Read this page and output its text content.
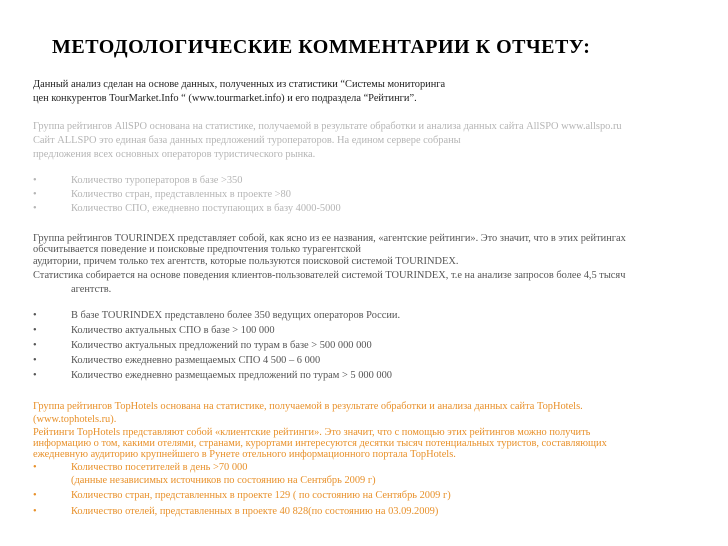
МЕТОДОЛОГИЧЕСКИЕ КОММЕНТАРИИ К ОТЧЕТУ:
Данный анализ сделан на основе данных, полученных из статистики “Системы мониторинга
цен конкурентов TourMarket.Info “ (www.tourmarket.info) и его подраздела “Рейтинги”.
Группа рейтингов AllSPO основана на статистике, получаемой в результате обработки и анализа данных сайта AllSPO www.allspo.ru
Сайт ALLSPO это единая база данных предложений туроператоров. На едином сервере собраны
предложения всех основных операторов туристического рынка.
•	Количество туроператоров в базе >350
•	Количество стран, представленных в проекте >80
•	Количество СПО, ежедневно поступающих в базу 4000-5000
Группа рейтингов TOURINDEX представляет собой, как ясно из ее названия, «агентские рейтинги». Это значит, что в этих рейтингах
обсчитывается поведение и поисковые предпочтения только турагентской
аудитории, причем только тех агентств, которые пользуются поисковой системой TOURINDEX.
Статистика собирается на основе поведения клиентов-пользователей системой TOURINDEX, т.е на анализе запросов более 4,5 тысяч
агентств.
•	В базе TOURINDEX представлено более 350 ведущих операторов России.
•	Количество актуальных СПО в базе > 100 000
•	Количество актуальных предложений по турам в базе > 500 000 000
•	Количество ежедневно размещаемых СПО 4 500 – 6 000
•	Количество ежедневно размещаемых предложений по турам > 5 000 000
Группа рейтингов TopHotels основана на статистике, получаемой в результате обработки и анализа данных сайта TopHotels.
(www.tophotels.ru).
Рейтинги TopHotels представляют собой «клиентские рейтинги». Это значит, что с помощью этих рейтингов можно получить
информацию о том, какими отелями, странами, курортами интересуются десятки тысяч потенциальных туристов, составляющих
ежедневную аудиторию крупнейшего в Рунете отельного информационного портала TopHotels.
•	Количество посетителей в день >70 000
(данные независимых источников по состоянию на Сентябрь 2009 г)
•	Количество стран, представленных в проекте 129 ( по состоянию на Сентябрь 2009 г)
•	Количество отелей, представленных в проекте 40 828(по состоянию на 03.09.2009)
